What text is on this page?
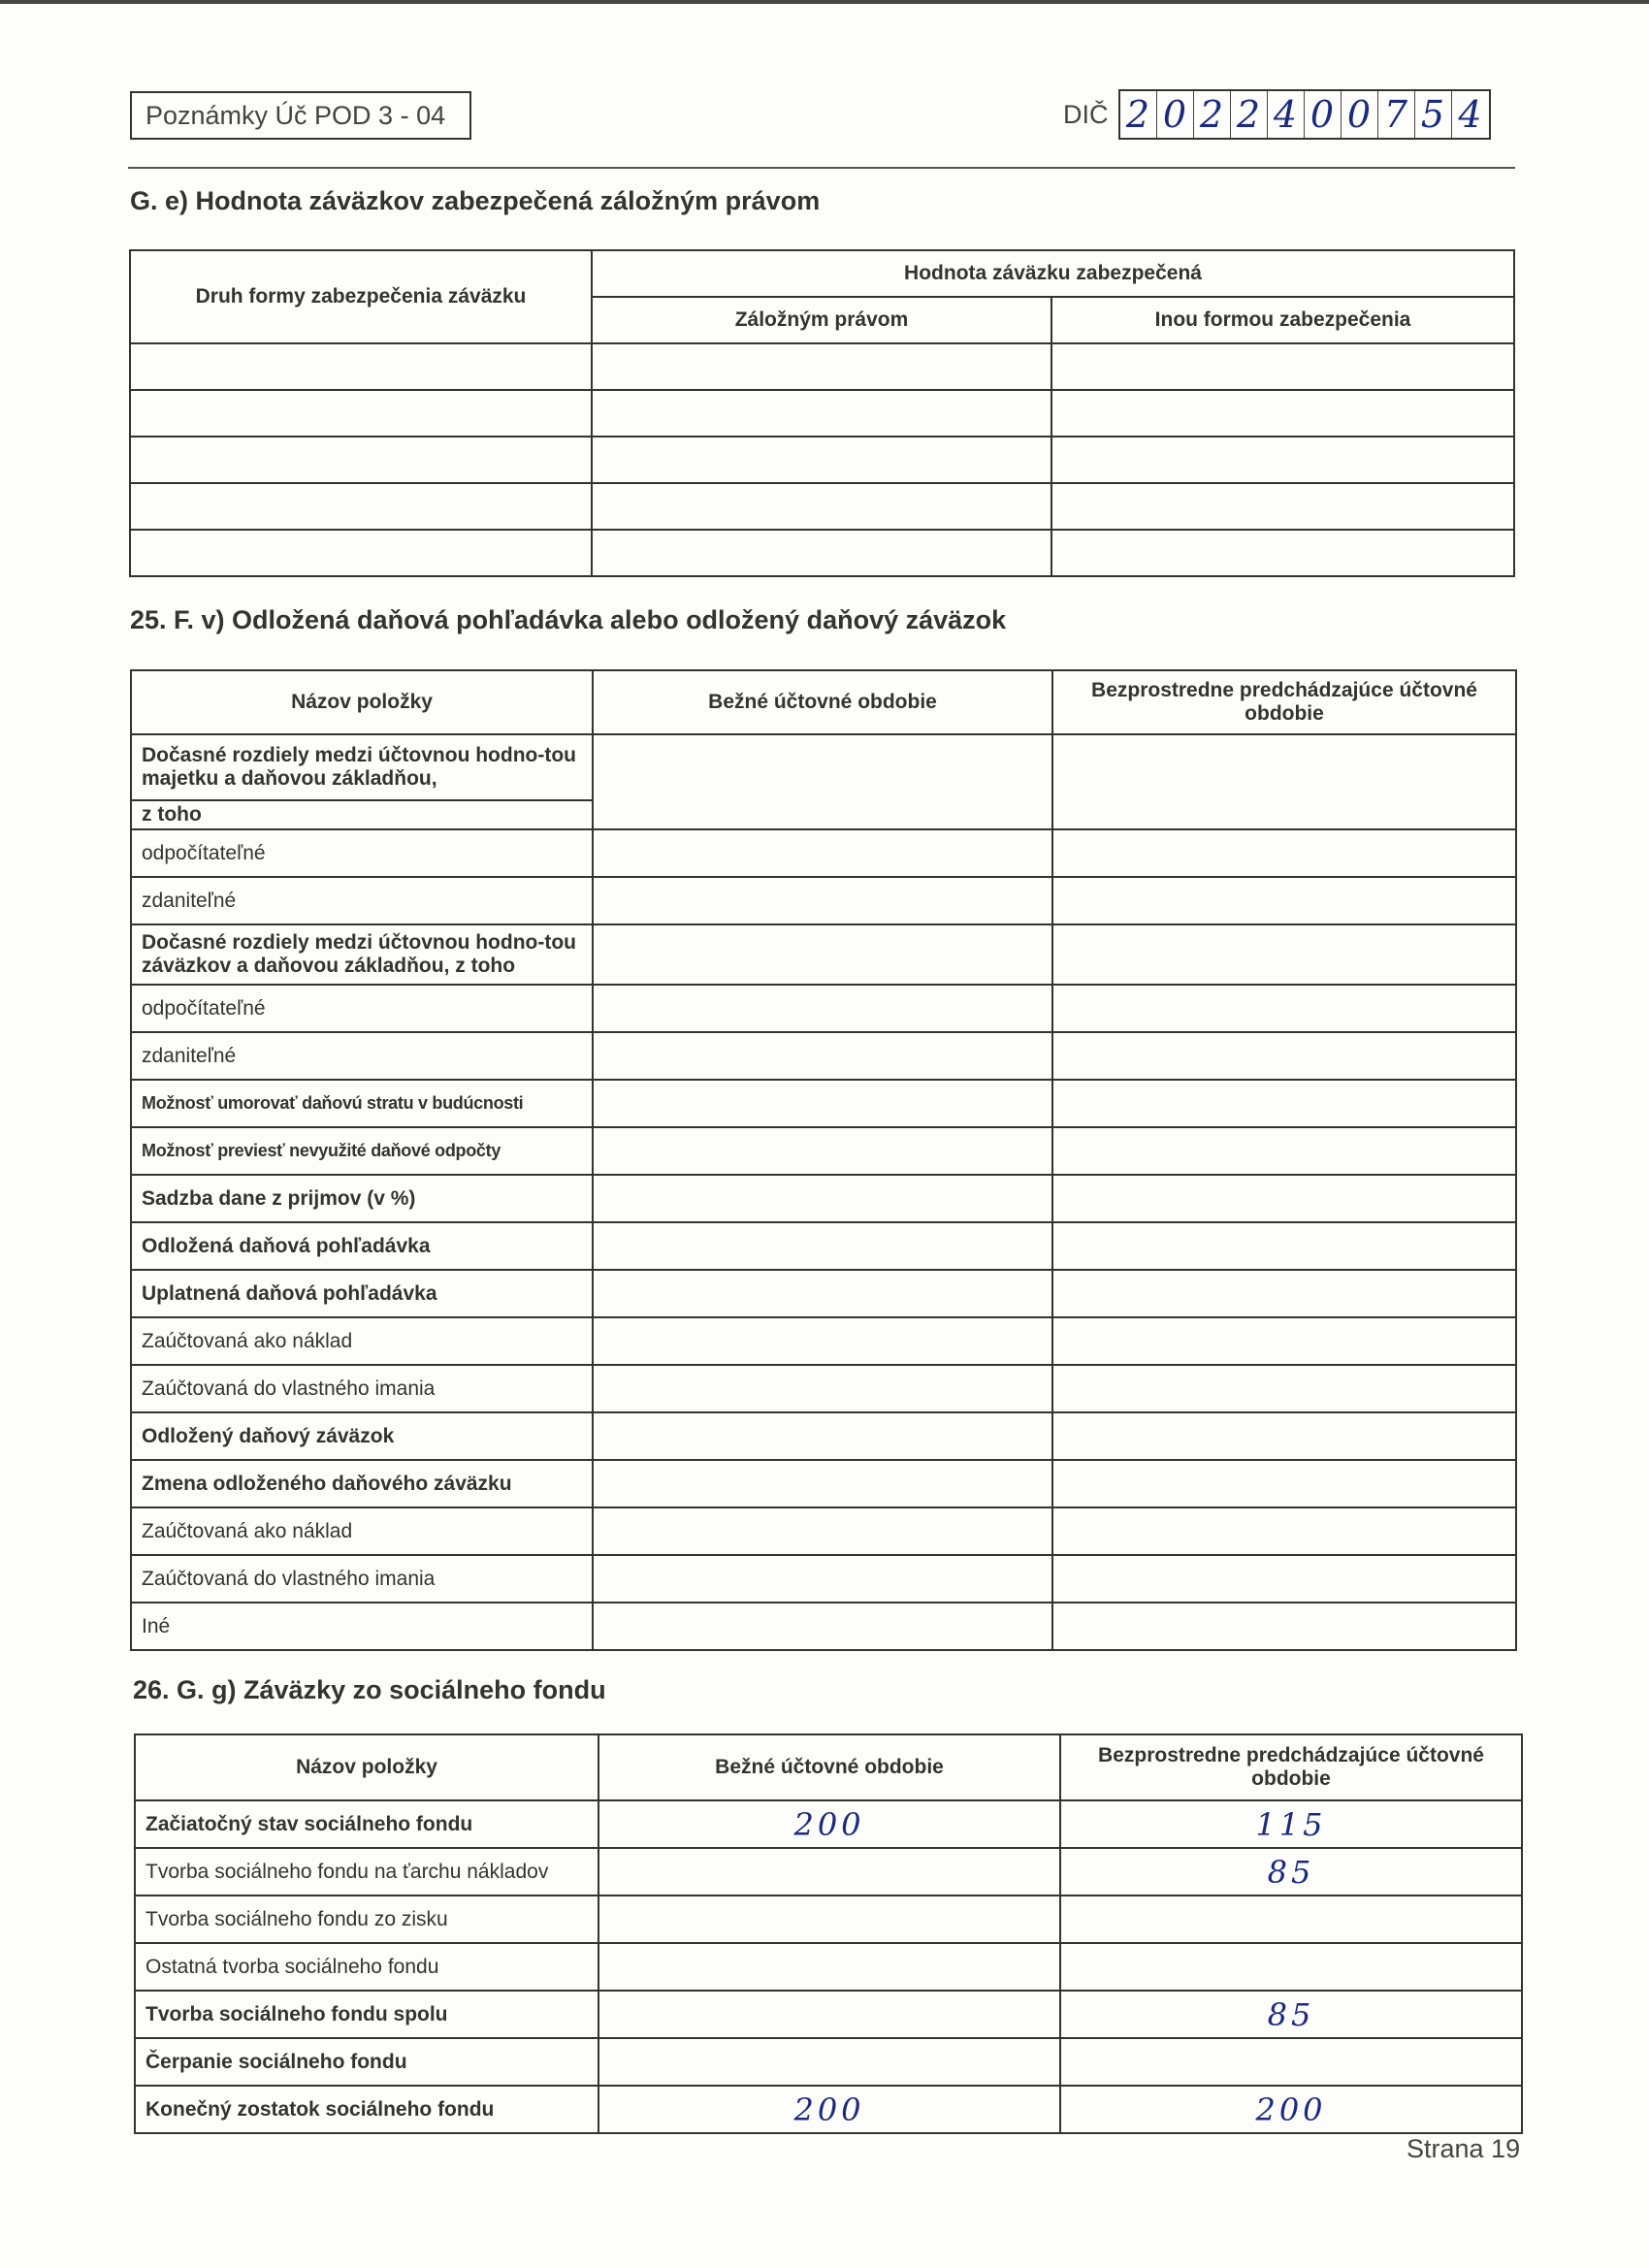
Poznámky Úč POD 3 - 04	DIČ 2 0 2 2 4 0 0 7 5 4
G. e) Hodnota záväzkov zabezpečená záložným právom
Druh formy zabezpečenia záväzku	Hodnota záväzku zabezpečená	
	Záložným právom	Inou formou zabezpečenia

25. F. v) Odložená daňová pohľadávka alebo odložený daňový záväzok
Názov položky	Bežné účtovné obdobie	Bezprostredne predchádzajúce účtovné obdobie
Dočasné rozdiely medzi účtovnou hodno-tou majetku a daňovou základňou,		
z toho		
odpočítateľné		
zdaniteľné		
Dočasné rozdiely medzi účtovnou hodno-tou záväzkov a daňovou základňou, z toho		
odpočítateľné		
zdaniteľné		
Možnosť umorovať daňovú stratu v budúcnosti		
Možnosť previesť nevyužité daňové odpočty		
Sadzba dane z prijmov (v %)		
Odložená daňová pohľadávka		
Uplatnená daňová pohľadávka		
Zaúčtovaná ako náklad		
Zaúčtovaná do vlastného imania		
Odložený daňový záväzok		
Zmena odloženého daňového záväzku		
Zaúčtovaná ako náklad		
Zaúčtovaná do vlastného imania		
Iné		
26. G. g) Záväzky zo sociálneho fondu
Názov položky	Bežné účtovné obdobie	Bezprostredne predchádzajúce účtovné obdobie
Začiatočný stav sociálneho fondu	200	115
Tvorba sociálneho fondu na ťarchu nákladov		85
Tvorba sociálneho fondu zo zisku		
Ostatná tvorba sociálneho fondu		
Tvorba sociálneho fondu spolu		85
Čerpanie sociálneho fondu		
Konečný zostatok sociálneho fondu	200	200
Strana 19
